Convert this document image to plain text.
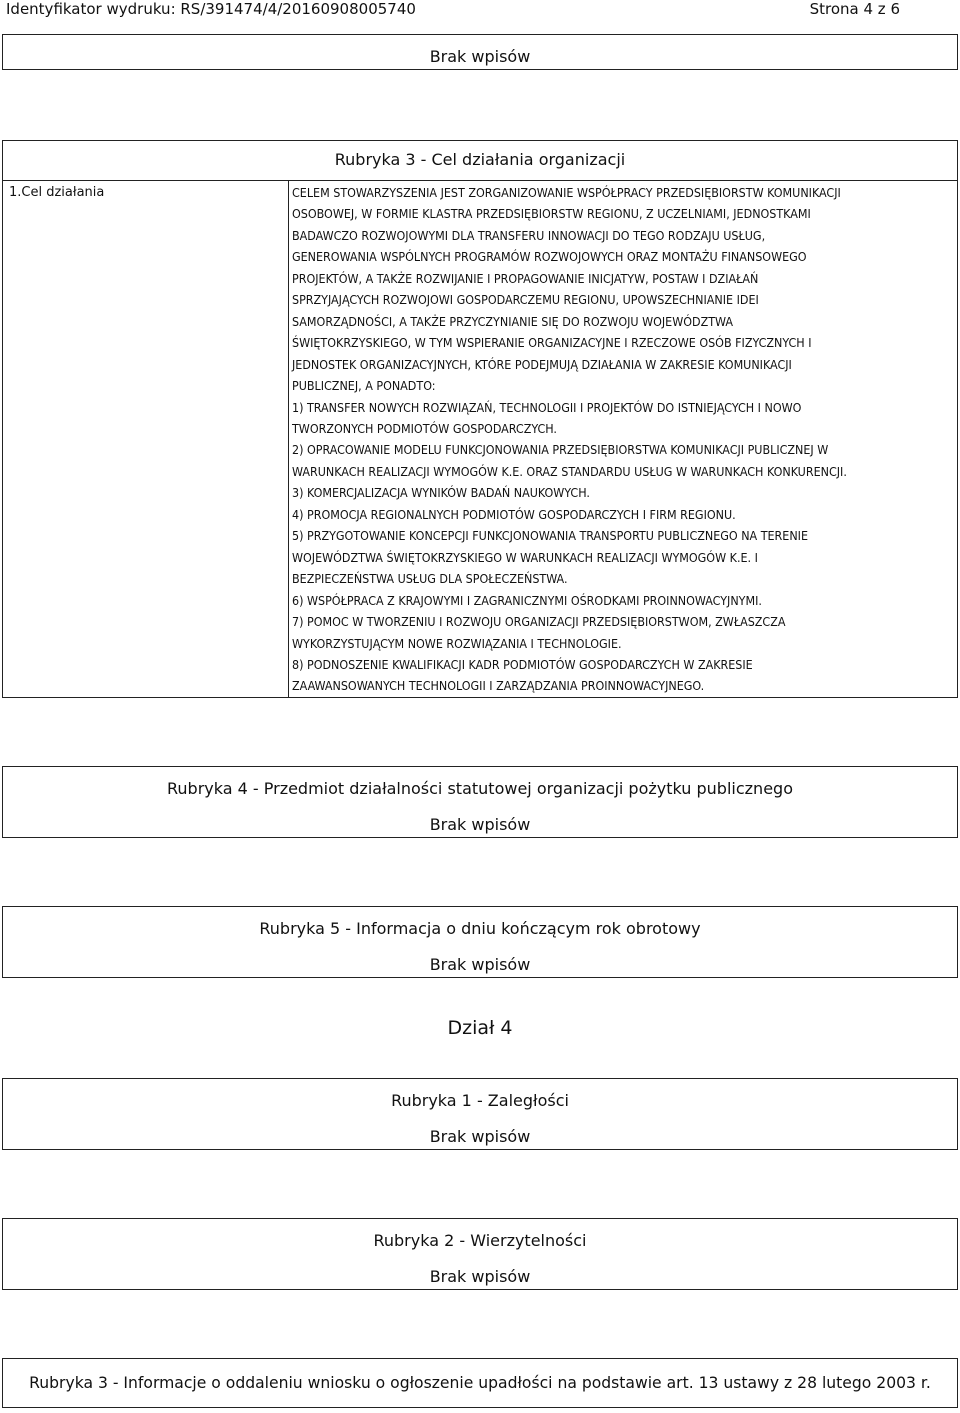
Identyfikator wydruku: RS/391474/4/20160908005740	Strona 4 z 6
Brak wpisów
Rubryka 3 - Cel działania organizacji
1.Cel działania	CELEM STOWARZYSZENIA JEST ZORGANIZOWANIE WSPÓŁPRACY PRZEDSIĘBIORSTW KOMUNIKACJI
OSOBOWEJ, W FORMIE KLASTRA PRZEDSIĘBIORSTW REGIONU, Z UCZELNIAMI, JEDNOSTKAMI
BADAWCZO ROZWOJOWYMI DLA TRANSFERU INNOWACJI DO TEGO RODZAJU USŁUG,
GENEROWANIA WSPÓLNYCH PROGRAMÓW ROZWOJOWYCH ORAZ MONTAŻU FINANSOWEGO
PROJEKTÓW, A TAKŻE ROZWIJANIE I PROPAGOWANIE INICJATYW, POSTAW I DZIAŁAŃ
SPRZYJAJĄCYCH ROZWOJOWI GOSPODARCZEMU REGIONU, UPOWSZECHNIANIE IDEI
SAMORZĄDNOŚCI, A TAKŻE PRZYCZYNIANIE SIĘ DO ROZWOJU WOJEWÓDZTWA
ŚWIĘTOKRZYSKIEGO, W TYM WSPIERANIE ORGANIZACYJNE I RZECZOWE OSÓB FIZYCZNYCH I
JEDNOSTEK ORGANIZACYJNYCH, KTÓRE PODEJMUJĄ DZIAŁANIA W ZAKRESIE KOMUNIKACJI
PUBLICZNEJ, A PONADTO:
1) TRANSFER NOWYCH ROZWIĄZAŃ, TECHNOLOGII I PROJEKTÓW DO ISTNIEJĄCYCH I NOWO
TWORZONYCH PODMIOTÓW GOSPODARCZYCH.
2) OPRACOWANIE MODELU FUNKCJONOWANIA PRZEDSIĘBIORSTWA KOMUNIKACJI PUBLICZNEJ W
WARUNKACH REALIZACJI WYMOGÓW K.E. ORAZ STANDARDU USŁUG W WARUNKACH KONKURENCJI.
3) KOMERCJALIZACJA WYNIKÓW BADAŃ NAUKOWYCH.
4) PROMOCJA REGIONALNYCH PODMIOTÓW GOSPODARCZYCH I FIRM REGIONU.
5) PRZYGOTOWANIE KONCEPCJI FUNKCJONOWANIA TRANSPORTU PUBLICZNEGO NA TERENIE
WOJEWÓDZTWA ŚWIĘTOKRZYSKIEGO W WARUNKACH REALIZACJI WYMOGÓW K.E. I
BEZPIECZEŃSTWA USŁUG DLA SPOŁECZEŃSTWA.
6) WSPÓŁPRACA Z KRAJOWYMI I ZAGRANICZNYMI OŚRODKAMI PROINNOWACYJNYMI.
7) POMOC W TWORZENIU I ROZWOJU ORGANIZACJI PRZEDSIĘBIORSTWOM, ZWŁASZCZA
WYKORZYSTUJĄCYM NOWE ROZWIĄZANIA I TECHNOLOGIE.
8) PODNOSZENIE KWALIFIKACJI KADR PODMIOTÓW GOSPODARCZYCH W ZAKRESIE
ZAAWANSOWANYCH TECHNOLOGII I ZARZĄDZANIA PROINNOWACYJNEGO.
Rubryka 4 - Przedmiot działalności statutowej organizacji pożytku publicznego
Brak wpisów
Rubryka 5 - Informacja o dniu kończącym rok obrotowy
Brak wpisów
Dział 4
Rubryka 1 - Zaległości
Brak wpisów
Rubryka 2 - Wierzytelności
Brak wpisów
Rubryka 3 - Informacje o oddaleniu wniosku o ogłoszenie upadłości na podstawie art. 13 ustawy z 28 lutego 2003 r.
